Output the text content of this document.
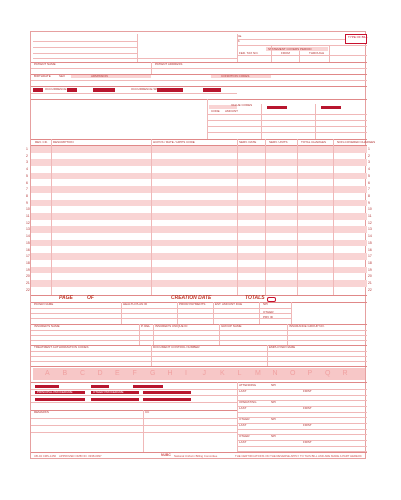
3a
b
TYPE OF BILL
STATEMENT COVERS PERIOD
FED. TAX NO.	FROM	THROUGH
PATIENT NAME	PATIENT ADDRESS
BIRTHDATE	SEX	ADMISSION	CONDITION CODES
OCCURRENCE	OCCURRENCE SPAN
VALUE CODES
CODE AMOUNT
REV. CD. DESCRIPTION	HCPCS / RATE / HIPPS CODE	SERV. DATE	SERV. UNITS	TOTAL CHARGES	NON-COVERED CHARGES
1	1
2	2
3	3
4	4
5	5
6	6
7	7
8	8
9	9
10	10
11	11
12	12
13	13
14	14
15	15
16	16
17	17
18	18
19	19
20	20
21	21
22	22
PAGE	OF	CREATION DATE	TOTALS
PAYER NAME	HEALTH PLAN ID	PRIOR PAYMENTS	EST. AMOUNT DUE	NPI
OTHER
PRV ID
INSURED'S NAME	P. REL INSURED'S UNIQUE ID	GROUP NAME	INSURANCE GROUP NO.
TREATMENT AUTHORIZATION CODES	DOCUMENT CONTROL NUMBER	EMPLOYER NAME
A B C D E F G H I J K L M N O P Q R
PRINCIPAL PROCEDURE	OTHER PROCEDURE
REMARKS	CC
ATTENDING	NPI
LAST	FIRST
OPERATING	NPI
LAST	FIRST
OTHER	NPI
LAST	FIRST
OTHER	NPI
LAST	FIRST
UB-04 CMS-1450 APPROVED OMB NO. 0938-0997	NUBC National Uniform Billing Committee	THE CERTIFICATIONS ON THE REVERSE APPLY TO THIS BILL AND ARE MADE A PART HEREOF.
